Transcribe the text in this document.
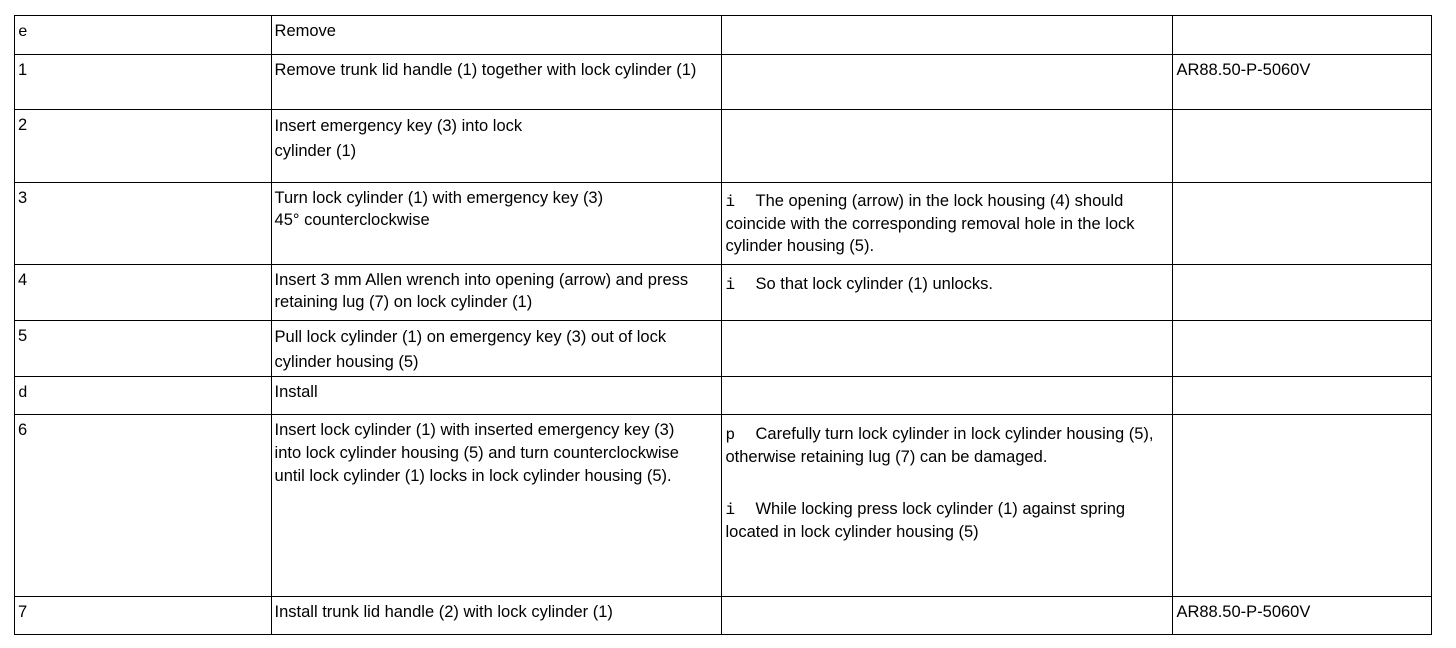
e	Remove		
1	Remove trunk lid handle (1) together with lock cylinder (1)		AR88.50-P-5060V
2	Insert emergency key (3) into lock cylinder (1)		

3	Turn lock cylinder (1) with emergency key (3) 45° counterclockwise	i The opening (arrow) in the lock housing (4) should coincide with the corresponding removal hole in the lock cylinder housing (5).	

4	Insert 3 mm Allen wrench into opening (arrow) and press retaining lug (7) on lock cylinder (1)	i So that lock cylinder (1) unlocks.	

5	Pull lock cylinder (1) on emergency key (3) out of lock cylinder housing (5)		

d	Install		
6	Insert lock cylinder (1) with inserted emergency key (3) into lock cylinder housing (5) and turn counterclockwise until lock cylinder (1) locks in lock cylinder housing (5).	p Carefully turn lock cylinder in lock cylinder housing (5), otherwise retaining lug (7) can be damaged.
i While locking press lock cylinder (1) against spring located in lock cylinder housing (5)	

7	Install trunk lid handle (2) with lock cylinder (1)		AR88.50-P-5060V
